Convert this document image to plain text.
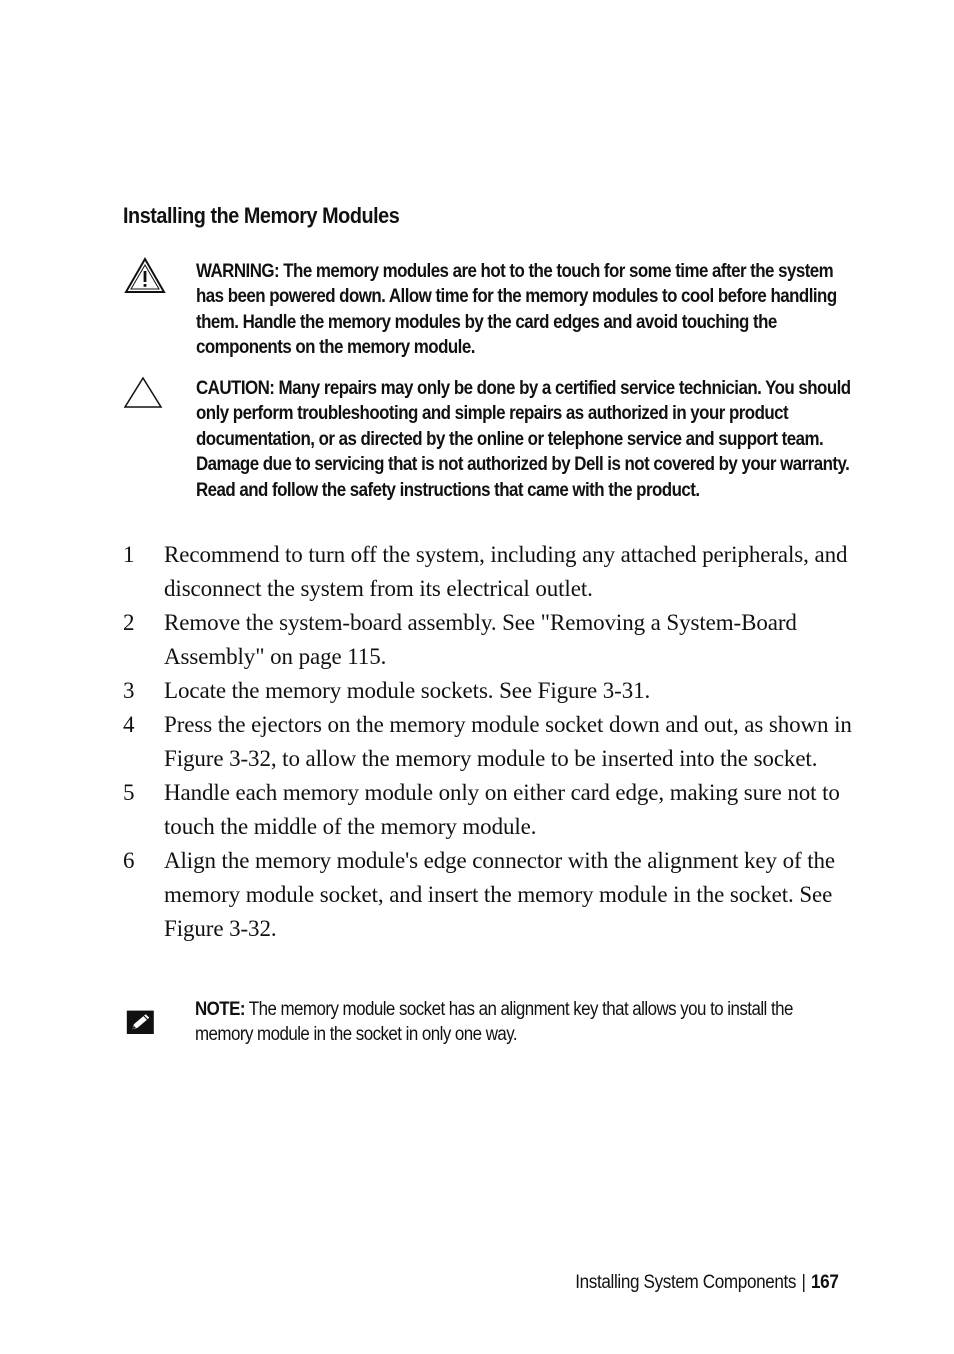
Installing the Memory Modules
WARNING: The memory modules are hot to the touch for some time after the system has been powered down. Allow time for the memory modules to cool before handling them. Handle the memory modules by the card edges and avoid touching the components on the memory module.
CAUTION: Many repairs may only be done by a certified service technician. You should only perform troubleshooting and simple repairs as authorized in your product documentation, or as directed by the online or telephone service and support team. Damage due to servicing that is not authorized by Dell is not covered by your warranty. Read and follow the safety instructions that came with the product.
1 Recommend to turn off the system, including any attached peripherals, and disconnect the system from its electrical outlet.
2 Remove the system-board assembly. See "Removing a System-Board Assembly" on page 115.
3 Locate the memory module sockets. See Figure 3-31.
4 Press the ejectors on the memory module socket down and out, as shown in Figure 3-32, to allow the memory module to be inserted into the socket.
5 Handle each memory module only on either card edge, making sure not to touch the middle of the memory module.
6 Align the memory module's edge connector with the alignment key of the memory module socket, and insert the memory module in the socket. See Figure 3-32.
NOTE: The memory module socket has an alignment key that allows you to install the memory module in the socket in only one way.
Installing System Components | 167
